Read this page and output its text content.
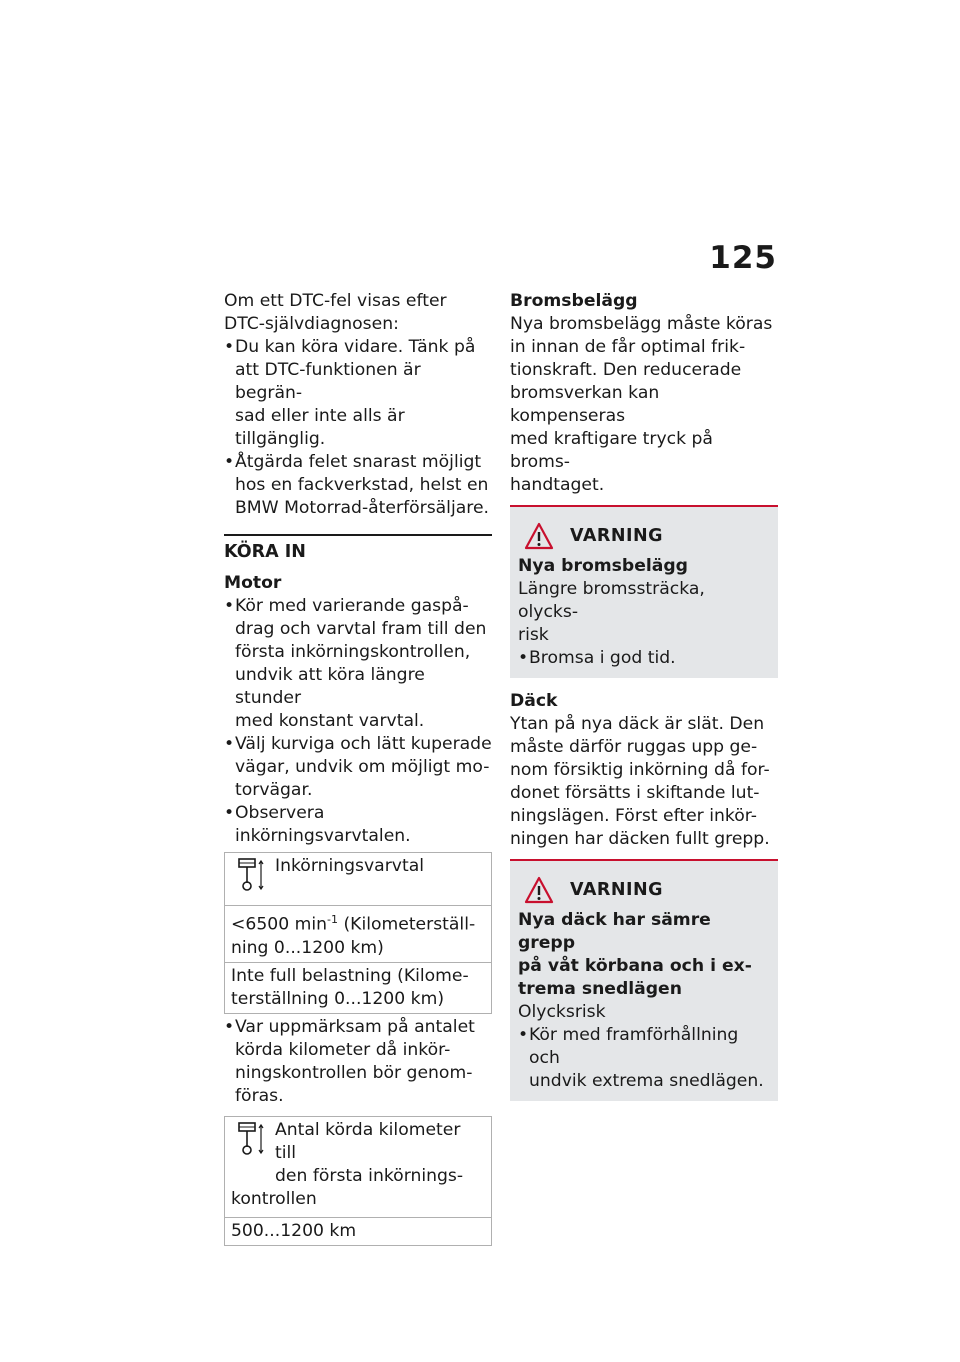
125

Om ett DTC-fel visas efter

DTC-självdiagnosen:

• Du kan köra vidare. Tänk på
att DTC-funktionen är begrän-
sad eller inte alls är tillgänglig.
• Åtgärda felet snarast möjligt
hos en fackverkstad, helst en
BMW Motorrad-återförsäljare.
KÖRA IN
Motor
• Kör med varierande gaspå-
drag och varvtal fram till den
första inkörningskontrollen,
undvik att köra längre stunder
med konstant varvtal.
• Välj kurviga och lätt kuperade
vägar, undvik om möjligt mo-
torvägar.
• Observera inkörningsvarvtalen.
Inkörningsvarvtal
<6500 $\min^{-1}$ (Kilometerställ-
ning 0...1200 km)
Inte full belastning (Kilome-
terställning 0...1200 km)
• Var uppmärksam på antalet
körda kilometer då inkör-
ningskontrollen bör genom-
föras.
Antal körda kilometer till
den första inkörnings-
kontrollen
500...1200 km
Bromsbelägg

Nya bromsbelägg måste köras

in innan de får optimal frik-

tionskraft. Den reducerade

bromsverkan kan kompenseras

med kraftigare tryck på broms-

handtaget.

VARNING

Nya bromsbelägg

Längre bromssträcka, olycks-

risk

• Bromsa i god tid.
Däck

Ytan på nya däck är slät. Den

måste därför ruggas upp ge-

nom försiktig inkörning då for-

donet försätts i skiftande lut-

ningslägen. Först efter inkör-

ningen har däcken fullt grepp.

VARNING

Nya däck har sämre grepp

på våt körbana och i ex-

trema snedlägen

Olycksrisk

• Kör med framförhållning och
undvik extrema snedlägen.
